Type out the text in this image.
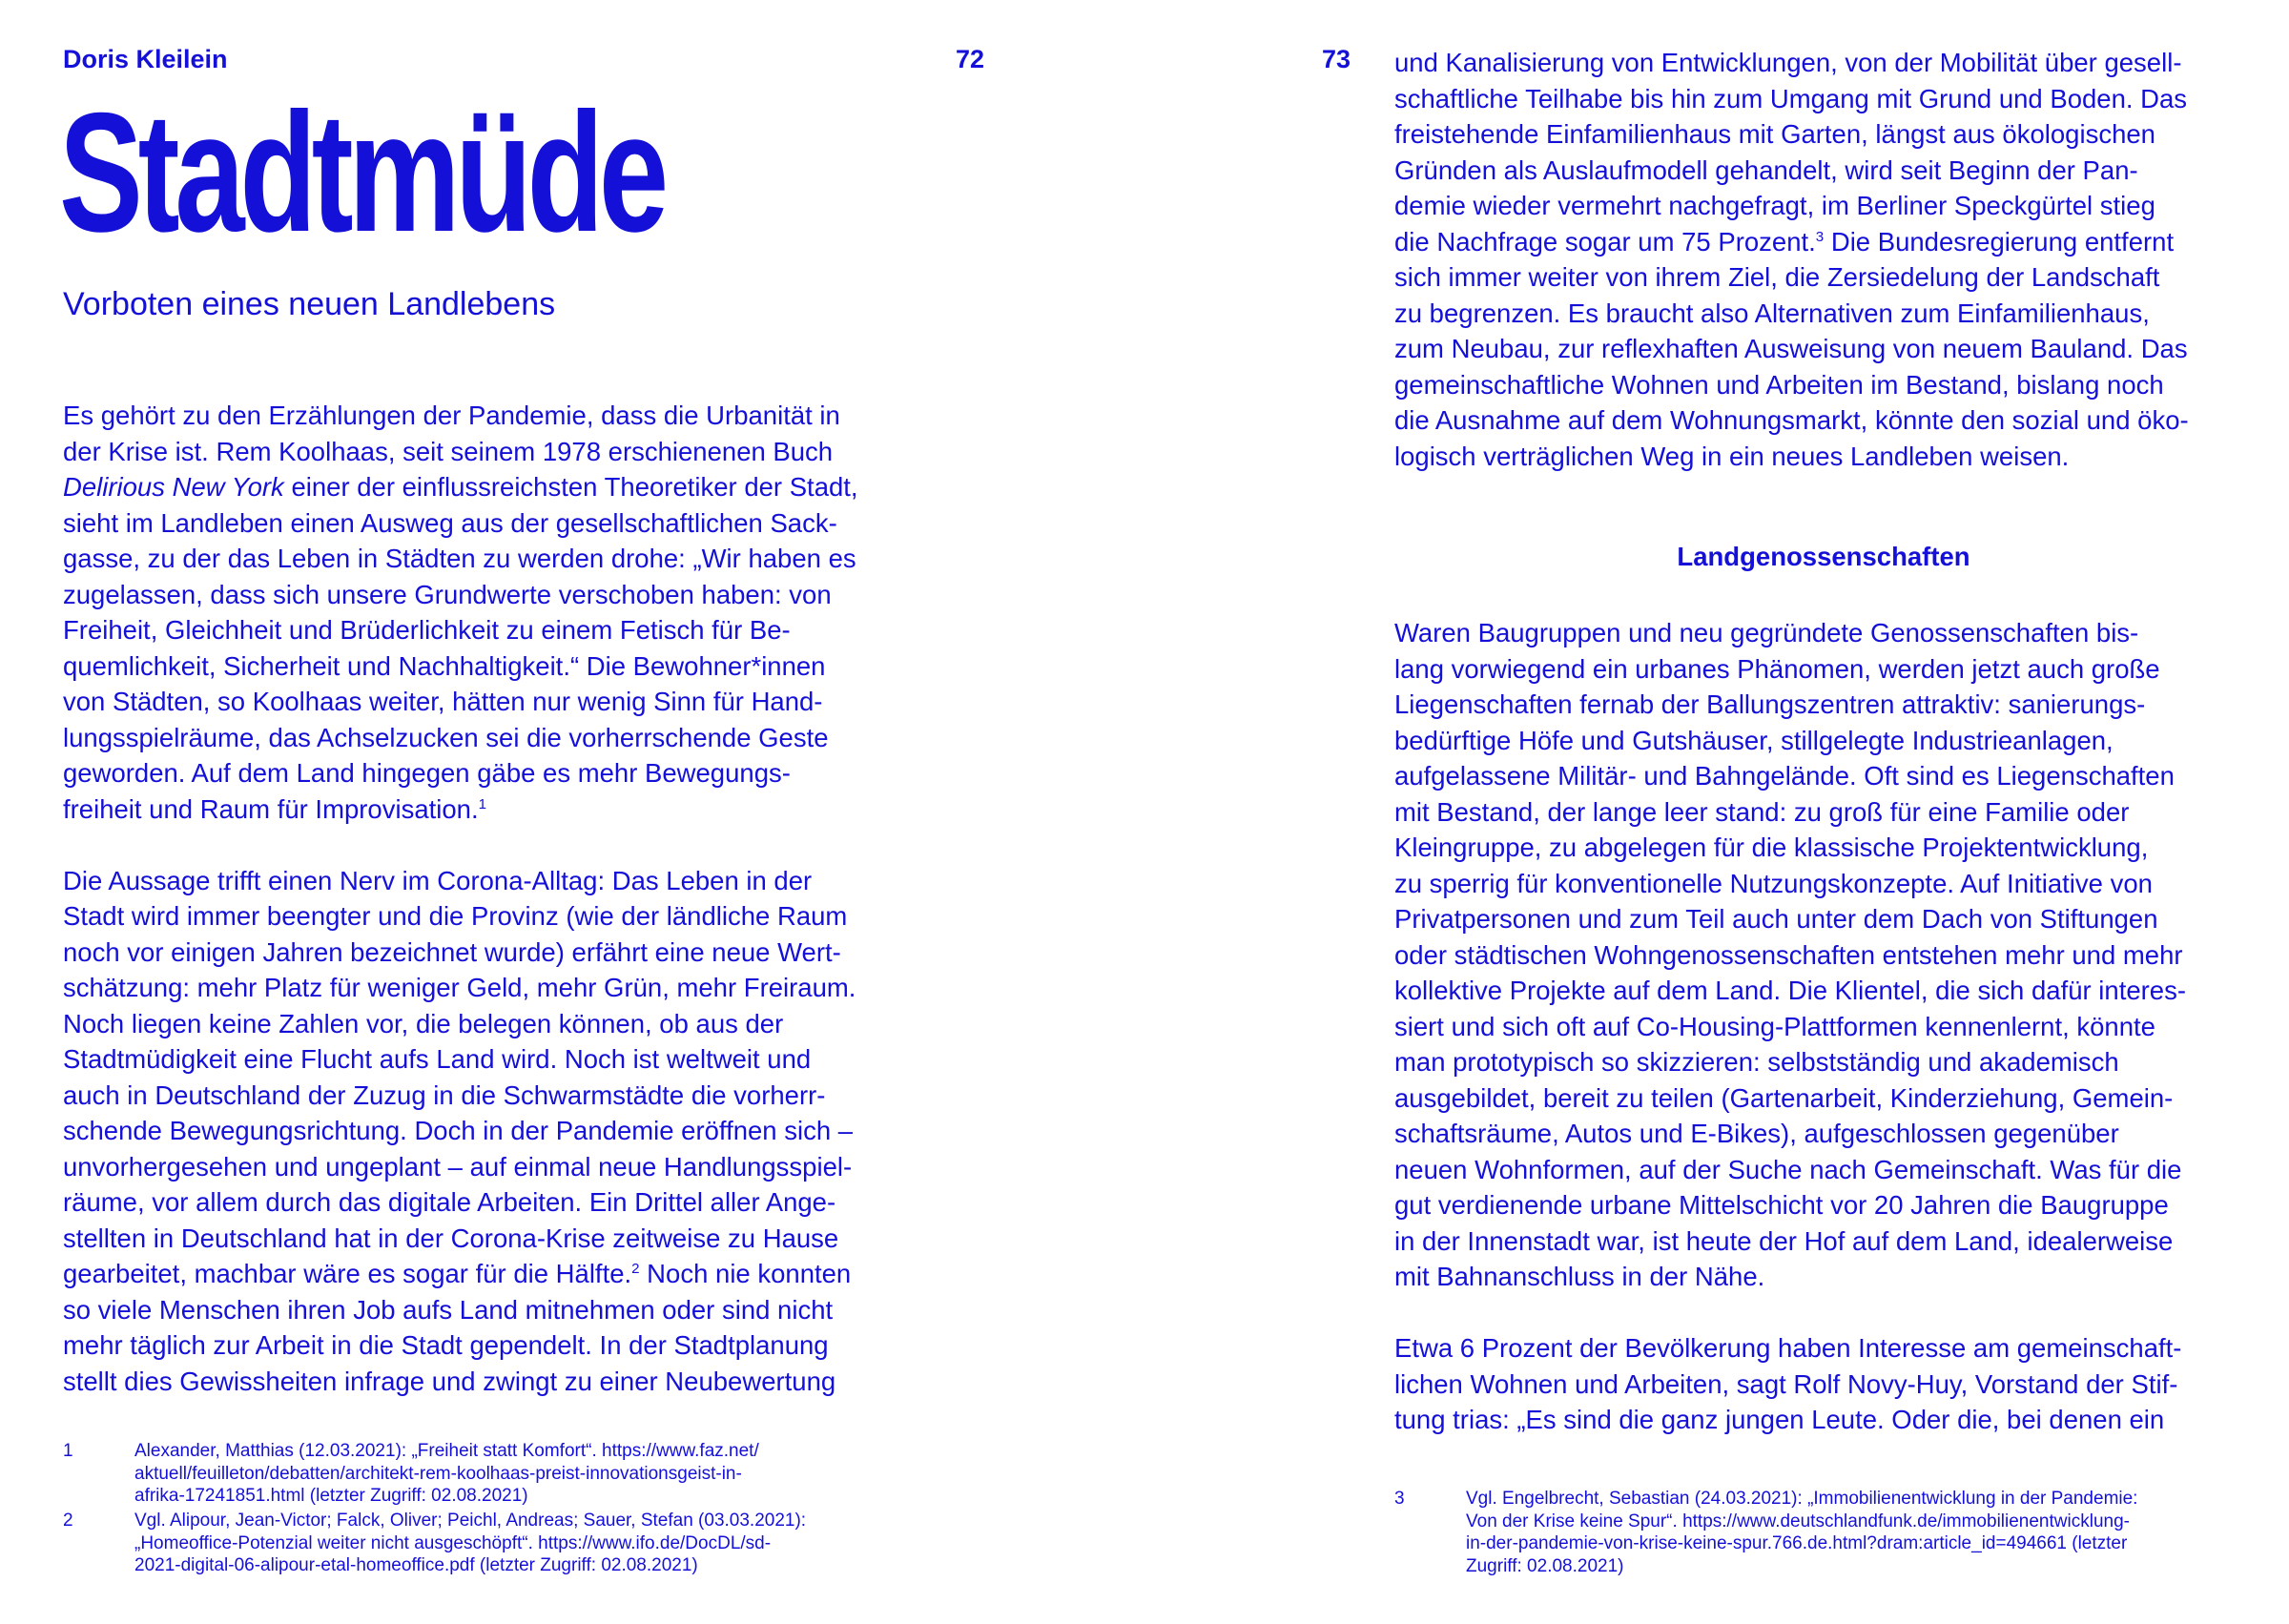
Doris Kleilein	72
Stadtmüde
Vorboten eines neuen Landlebens

Es gehört zu den Erzählungen der Pandemie, dass die Urbanität in
der Krise ist. Rem Koolhaas, seit seinem 1978 erschienenen Buch
Delirious New York einer der einflussreichsten Theoretiker der Stadt,
sieht im Landleben einen Ausweg aus der gesellschaftlichen Sack-
gasse, zu der das Leben in Städten zu werden drohe: „Wir haben es
zugelassen, dass sich unsere Grundwerte verschoben haben: von
Freiheit, Gleichheit und Brüderlichkeit zu einem Fetisch für Be-
quemlichkeit, Sicherheit und Nachhaltigkeit.“ Die Bewohner*innen
von Städten, so Koolhaas weiter, hätten nur wenig Sinn für Hand-
lungsspielräume, das Achselzucken sei die vorherrschende Geste
geworden. Auf dem Land hingegen gäbe es mehr Bewegungs-
freiheit und Raum für Improvisation.$^1$

Die Aussage trifft einen Nerv im Corona-Alltag: Das Leben in der
Stadt wird immer beengter und die Provinz (wie der ländliche Raum
noch vor einigen Jahren bezeichnet wurde) erfährt eine neue Wert-
schätzung: mehr Platz für weniger Geld, mehr Grün, mehr Freiraum.
Noch liegen keine Zahlen vor, die belegen können, ob aus der
Stadtmüdigkeit eine Flucht aufs Land wird. Noch ist weltweit und
auch in Deutschland der Zuzug in die Schwarmstädte die vorherr-
schende Bewegungsrichtung. Doch in der Pandemie eröffnen sich –
unvorhergesehen und ungeplant – auf einmal neue Handlungsspiel-
räume, vor allem durch das digitale Arbeiten. Ein Drittel aller Ange-
stellten in Deutschland hat in der Corona-Krise zeitweise zu Hause
gearbeitet, machbar wäre es sogar für die Hälfte.$^2$ Noch nie konnten
so viele Menschen ihren Job aufs Land mitnehmen oder sind nicht
mehr täglich zur Arbeit in die Stadt gependelt. In der Stadtplanung
stellt dies Gewissheiten infrage und zwingt zu einer Neubewertung

1	Alexander, Matthias (12.03.2021): „Freiheit statt Komfort“. https://www.faz.net/
aktuell/feuilleton/debatten/architekt-rem-koolhaas-preist-innovationsgeist-in-
afrika-17241851.html (letzter Zugriff: 02.08.2021)
2	Vgl. Alipour, Jean-Victor; Falck, Oliver; Peichl, Andreas; Sauer, Stefan (03.03.2021):
„Homeoffice-Potenzial weiter nicht ausgeschöpft“. https://www.ifo.de/DocDL/sd-
2021-digital-06-alipour-etal-homeoffice.pdf (letzter Zugriff: 02.08.2021)
73 und Kanalisierung von Entwicklungen, von der Mobilität über gesell-
schaftliche Teilhabe bis hin zum Umgang mit Grund und Boden. Das
freistehende Einfamilienhaus mit Garten, längst aus ökologischen
Gründen als Auslaufmodell gehandelt, wird seit Beginn der Pan-
demie wieder vermehrt nachgefragt, im Berliner Speckgürtel stieg
die Nachfrage sogar um 75 Prozent.$^3$ Die Bundesregierung entfernt
sich immer weiter von ihrem Ziel, die Zersiedelung der Landschaft
zu begrenzen. Es braucht also Alternativen zum Einfamilienhaus,
zum Neubau, zur reflexhaften Ausweisung von neuem Bauland. Das
gemeinschaftliche Wohnen und Arbeiten im Bestand, bislang noch
die Ausnahme auf dem Wohnungsmarkt, könnte den sozial und öko-
logisch verträglichen Weg in ein neues Landleben weisen.

Landgenossenschaften

Waren Baugruppen und neu gegründete Genossenschaften bis-
lang vorwiegend ein urbanes Phänomen, werden jetzt auch große
Liegenschaften fernab der Ballungszentren attraktiv: sanierungs-
bedürftige Höfe und Gutshäuser, stillgelegte Industrieanlagen,
aufgelassene Militär- und Bahngelände. Oft sind es Liegenschaften
mit Bestand, der lange leer stand: zu groß für eine Familie oder
Kleingruppe, zu abgelegen für die klassische Projektentwicklung,
zu sperrig für konventionelle Nutzungskonzepte. Auf Initiative von
Privatpersonen und zum Teil auch unter dem Dach von Stiftungen
oder städtischen Wohngenossenschaften entstehen mehr und mehr
kollektive Projekte auf dem Land. Die Klientel, die sich dafür interes-
siert und sich oft auf Co-Housing-Plattformen kennenlernt, könnte
man prototypisch so skizzieren: selbstständig und akademisch
ausgebildet, bereit zu teilen (Gartenarbeit, Kinderziehung, Gemein-
schaftsräume, Autos und E-Bikes), aufgeschlossen gegenüber
neuen Wohnformen, auf der Suche nach Gemeinschaft. Was für die
gut verdienende urbane Mittelschicht vor 20 Jahren die Baugruppe
in der Innenstadt war, ist heute der Hof auf dem Land, idealerweise
mit Bahnanschluss in der Nähe.

Etwa 6 Prozent der Bevölkerung haben Interesse am gemeinschaft-
lichen Wohnen und Arbeiten, sagt Rolf Novy-Huy, Vorstand der Stif-
tung trias: „Es sind die ganz jungen Leute. Oder die, bei denen ein

3	Vgl. Engelbrecht, Sebastian (24.03.2021): „Immobilienentwicklung in der Pandemie:
Von der Krise keine Spur“. https://www.deutschlandfunk.de/immobilienentwicklung-
in-der-pandemie-von-krise-keine-spur.766.de.html?dram:article_id=494661 (letzter
Zugriff: 02.08.2021)
